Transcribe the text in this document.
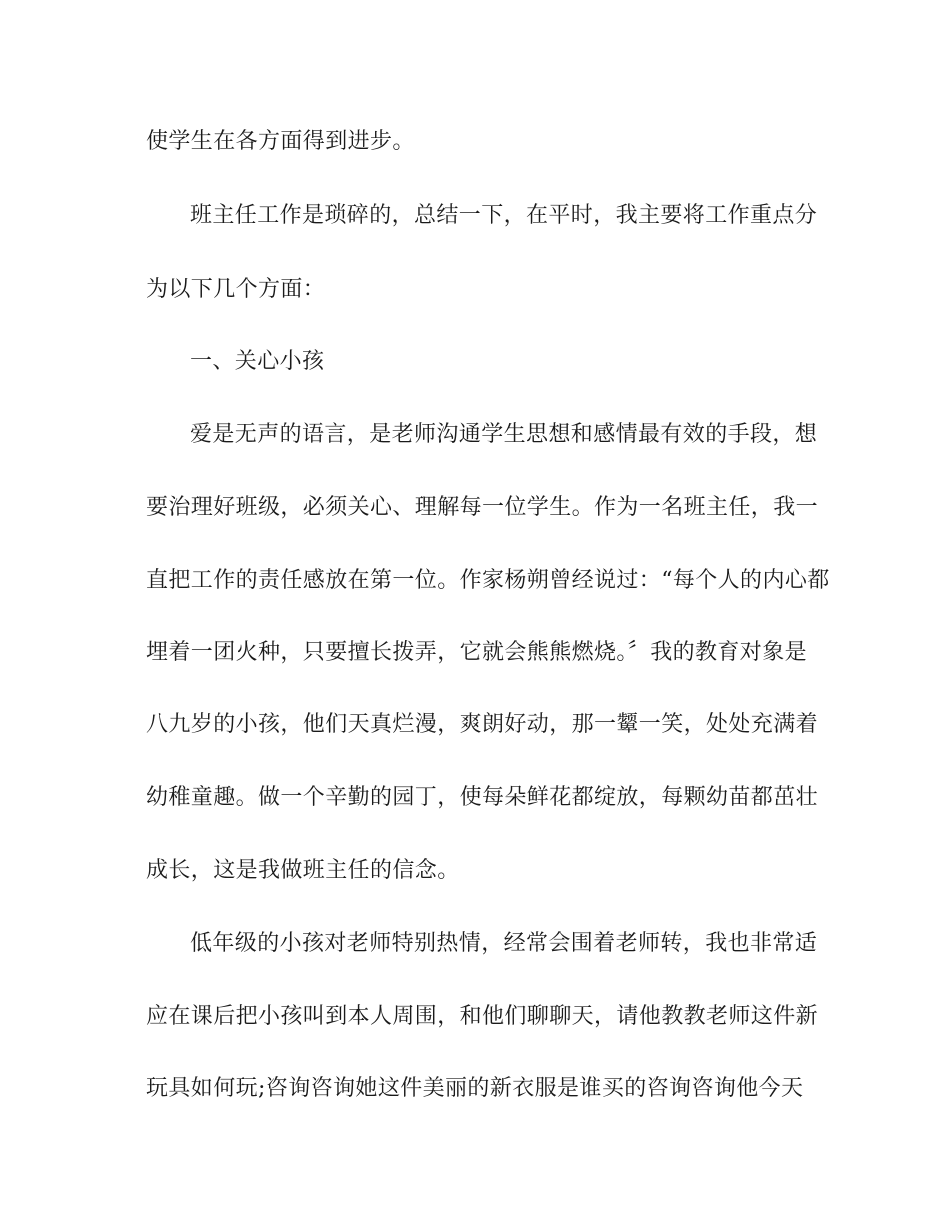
使学生在各方面得到进步。
班主任工作是琐碎的，总结一下，在平时，我主要将工作重点分
为以下几个方面：
一、关心小孩
爱是无声的语言，是老师沟通学生思想和感情最有效的手段，想
要治理好班级，必须关心、理解每一位学生。作为一名班主任，我一
直把工作的责任感放在第一位。作家杨朔曾经说过：“每个人的内心都
埋着一团火种，只要擅长拨弄，它就会熊熊燃烧。〞我的教育对象是
八九岁的小孩，他们天真烂漫，爽朗好动，那一颦一笑，处处充满着
幼稚童趣。做一个辛勤的园丁，使每朵鲜花都绽放，每颗幼苗都茁壮
成长，这是我做班主任的信念。
低年级的小孩对老师特别热情，经常会围着老师转，我也非常适
应在课后把小孩叫到本人周围，和他们聊聊天，请他教教老师这件新
玩具如何玩;咨询咨询她这件美丽的新衣服是谁买的咨询咨询他今天
